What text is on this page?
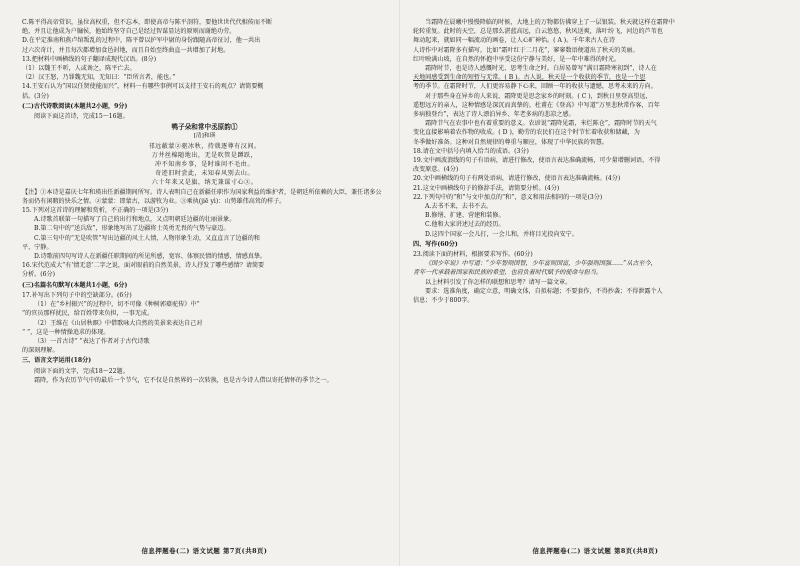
C.陈平得高帝赏识，虽位高权重，但不忘本，即使高帝与陈平剖符，要他世世代代相传而不断

绝，并且让他成为户牖侯，他始终坚守自己是经过智谋显达的原则而谢绝功劳。

D.在平定淮南和燕卢绾叛乱的过程中，陈平曾以护军中尉的身份跟随高帝征讨，他一共出

过六次奇计，并且每次都增加食邑封地，而且自始至终曲直一共增加了封地。

13.把材料中画横线的句子翻译成现代汉语。(8分)

（1）以魏王不听，人或谗之，陈平亡去。

（2）汉王怒，乃罪魏无知，无知曰：“臣所言者，能也。”

14.王安石认为“国以任贤使能而兴”，材料一有哪些事例可以支持王安石的观点？请简要概

括。(3分)

(二)古代诗歌阅读(本题共2小题，9分)

阅读下面这首诗，完成15～16题。

鸭子朵和常中丞原韵①

[清]和瑛

邗远蔽蒙②驱冰秋，持戟逐尊有汉间。

万井丝棉随地出，无是吹管是蹲跃，

冲不知南乡事，是时谁问不毛由。

奇迹旧时尝此，未知春风别去山。

六十年来又是旗，纳无兼谋寸心③。

【注】①本诗是嘉庆七年和瑛出任新疆期间所写。诗人表明自己在新疆任职作为国家利益的维护者，是朝廷所依赖的大臣，兼任诸多公务而仍有闲暇的快乐之情。②蒙蒙：即蒙古，以游牧为业。③乘执(jiē yì)：山势雄伟高耸的样子。

15.下列对这首诗的理解和赏析，不正确的一项是(3分)

A.诗歌首联第一句描写了自己的出行和地点，又点明朝廷边疆的壮丽景象。

B.第二句中的“送兵敌”，形象地写出了边疆将士英勇无畏的气势与豪迈。

C.第三句中的“无是吹管”写出边疆的风土人情，人物形象生动，又直直言了边疆的和

平、宁静。

D.诗歌前四句写诗人在新疆任职期间的所见所感，宽容、体察民情的情感，情感真挚。

16.宋代范成大“有‘情无意’二字之说，面对眼前的自然美景，诗人抒发了哪些感情？请简要

分析。(6分)

(三)名篇名句默写(本题共1小题，6分)

17.补写出下列句子中的空缺部分。(6分)

（1）在“乡村振兴”的过程中，切不可像《种树郭橐驼传》中“

”的官员那样扰民，给百姓带来负担，一事无成。

（2）王维在《山居秋暝》中借歌咏大自然的美景来表达自己对

“ ”，这是一种情操追求的体现。

（3）一首古诗“ ”表达了作者对于古代诗歌

的深刻理解。

三、语言文字运用(18分)

阅读下面的文字，完成18～22题。

霜降，作为农历节气中的最后一个节气，它不仅是自然界的一次转换，也是古今诗人借以寄托情怀的季节之一。

信息押题卷(二) 语文试题 第7页(共8页)

当霜降在晨曦中慢慢降临的时候，大地上的万物都仿佛穿上了一层银装。秋天就这样在霜降中

轮转重复。此时的天空，总是那么湛蓝高远，白云悠悠，秋风送爽，落叶纷飞，河边的芦苇也

舞动起来，就如同一幅流动的画卷，让人心旷神怡。( A )。千年来古人在诗

人诗作中对霜降多有描写，比如“霜叶红于二月花”，寥寥数语便道出了秋天的美丽。

红叶映满山坡，在自然的怀抱中享受这份宁静与美好，是一年中难得的时光。

霜降时节，也是诗人感慨时光、思考生命之时。白居易曾写“满目霜降寒初到”，诗人在

天地间感受到生命的短暂与无常。( B )。古人说，秋天是一个收获的季节，也是一个思

考的季节。在霜降时节，人们更容易静下心来，回顾一年的收获与遗憾，思考未来的方向。

对于那些身在异乡的人来说，霜降更是思念家乡的时刻。( C )，到秋日里登高望远，

遥想远方的亲人，这种情感是深沉而真挚的。杜甫在《登高》中写道“万里悲秋常作客，百年

多病独登台”，表达了诗人漂泊异乡、年老多病的悲凉之感。

霜降节气在农事中也有着重要的意义。农谚说“霜降见霜，米烂陈仓”，霜降时节的天气

变化直接影响着农作物的收成。( D )，勤劳的农民们在这个时节忙着收获和储藏，为

冬季做好准备。这种对自然规律的尊重与顺应，体现了中华民族的智慧。

18.请在文中括号内填入恰当的成语。(3分)

19.文中画波浪线的句子有语病，请进行修改，使语言表达准确流畅，可少量增删词语，不得

改变原意。(4分)

20.文中画横线的句子有两处语病，请进行修改，使语言表达准确流畅。(4分)

21.这文中画横线句子的修辞手法，请简要分析。(4分)

22.下列句中的“和”与文中加点的“和”，意义和用法相同的一项是(3分)

A.去书不来，去书不去。

B.修缮、扩建、营建和装修。

C.他和大家讲述过去的经历。

D.这四个国家一会儿打，一会儿和，并将目光投向安宁。

四、写作(60分)

23.阅读下面的材料，根据要求写作。(60分)

《国少年说》中写道：“少年智则国智，少年富则国富，少年强则国强……”从古至今，

青年一代承载着国家和民族的希望，也肩负着时代赋予的使命与担当。

以上材料引发了你怎样的联想和思考？请写一篇文章。

要求：选准角度，确定立意，明确文体，自拟标题；不要套作，不得抄袭；不得泄露个人

信息；不少于800字。

信息押题卷(二) 语文试题 第8页(共8页)
